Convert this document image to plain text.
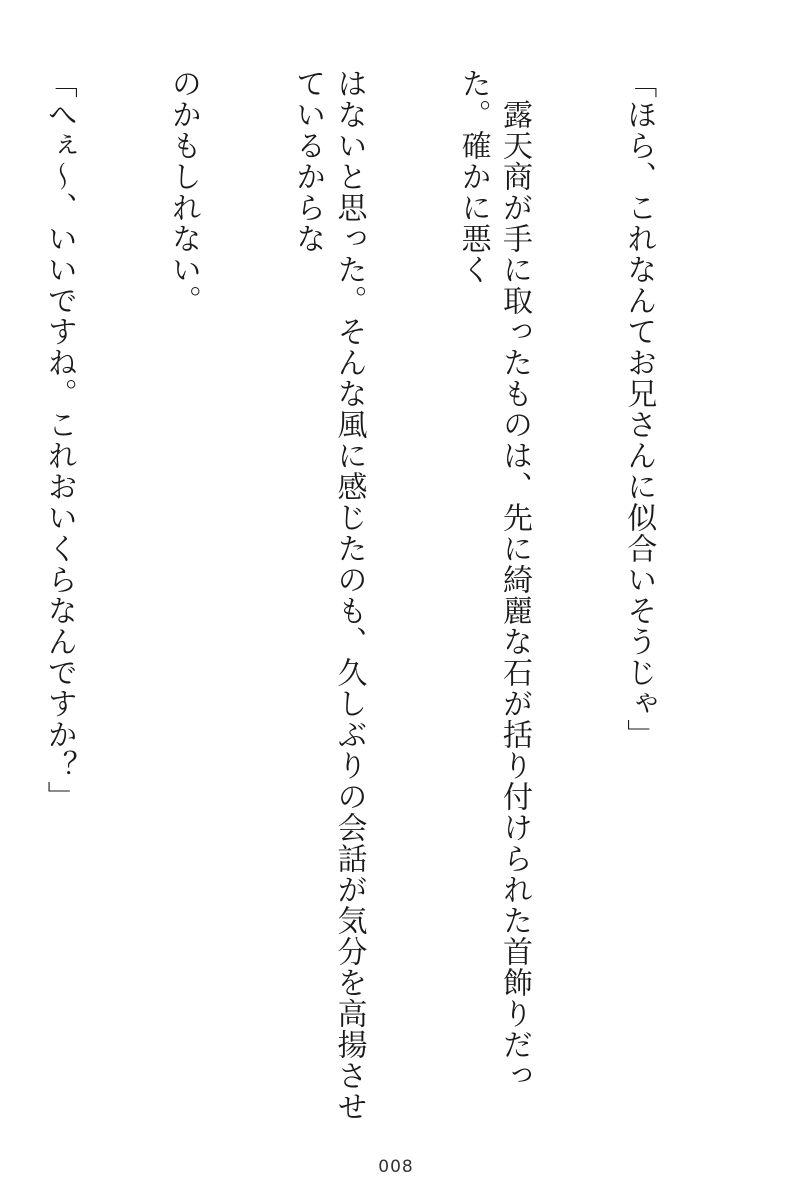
「ほら、これなんてお兄さんに似合いそうじゃ」

　露天商が手に取ったものは、先に綺麗な石が括り付けられた首飾りだった。確かに悪く

はないと思った。そんな風に感じたのも、久しぶりの会話が気分を高揚させているからな

のかもしれない。

「へぇ～、いいですね。これおいくらなんですか？」

008
